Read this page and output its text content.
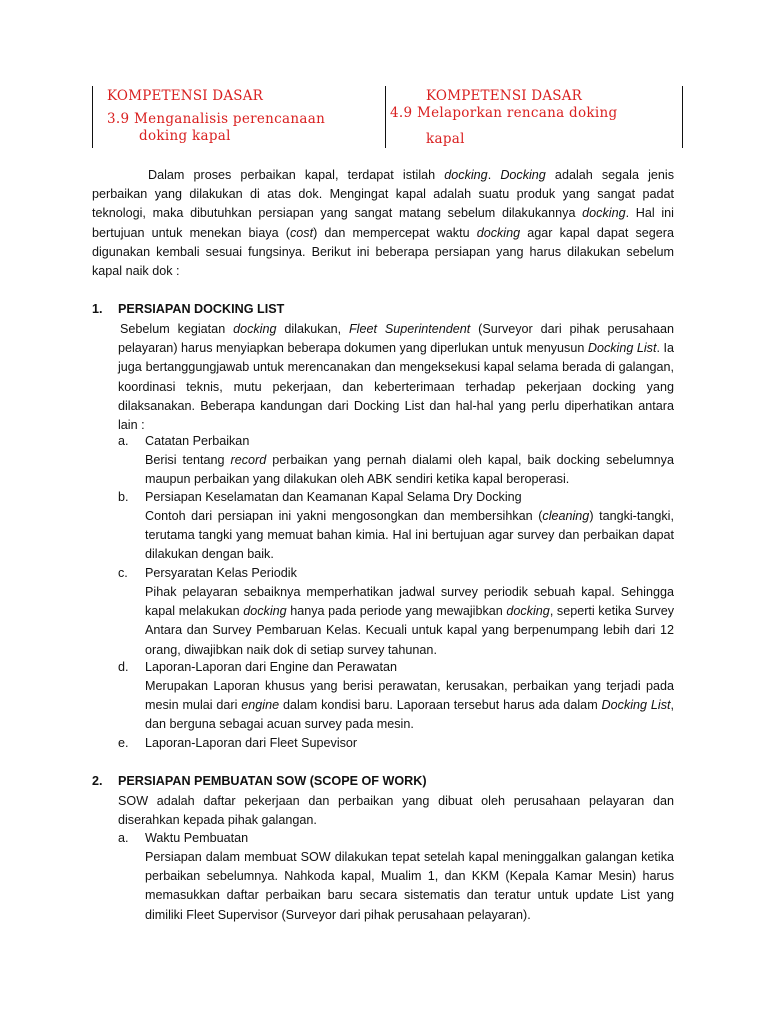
KOMPETENSI DASAR
3.9 Menganalisis perencanaan
doking kapal
KOMPETENSI DASAR
4.9 Melaporkan rencana doking
kapal
Dalam proses perbaikan kapal, terdapat istilah docking. Docking adalah segala jenis perbaikan yang dilakukan di atas dok. Mengingat kapal adalah suatu produk yang sangat padat teknologi, maka dibutuhkan persiapan yang sangat matang sebelum dilakukannya docking. Hal ini bertujuan untuk menekan biaya (cost) dan mempercepat waktu docking agar kapal dapat segera digunakan kembali sesuai fungsinya. Berikut ini beberapa persiapan yang harus dilakukan sebelum kapal naik dok :
1. PERSIAPAN DOCKING LIST
Sebelum kegiatan docking dilakukan, Fleet Superintendent (Surveyor dari pihak perusahaan pelayaran) harus menyiapkan beberapa dokumen yang diperlukan untuk menyusun Docking List. Ia juga bertanggungjawab untuk merencanakan dan mengeksekusi kapal selama berada di galangan, koordinasi teknis, mutu pekerjaan, dan keberterimaan terhadap pekerjaan docking yang dilaksanakan. Beberapa kandungan dari Docking List dan hal-hal yang perlu diperhatikan antara lain :
a. Catatan Perbaikan
Berisi tentang record perbaikan yang pernah dialami oleh kapal, baik docking sebelumnya maupun perbaikan yang dilakukan oleh ABK sendiri ketika kapal beroperasi.
b. Persiapan Keselamatan dan Keamanan Kapal Selama Dry Docking
Contoh dari persiapan ini yakni mengosongkan dan membersihkan (cleaning) tangki-tangki, terutama tangki yang memuat bahan kimia. Hal ini bertujuan agar survey dan perbaikan dapat dilakukan dengan baik.
c. Persyaratan Kelas Periodik
Pihak pelayaran sebaiknya memperhatikan jadwal survey periodik sebuah kapal. Sehingga kapal melakukan docking hanya pada periode yang mewajibkan docking, seperti ketika Survey Antara dan Survey Pembaruan Kelas. Kecuali untuk kapal yang berpenumpang lebih dari 12 orang, diwajibkan naik dok di setiap survey tahunan.
d. Laporan-Laporan dari Engine dan Perawatan
Merupakan Laporan khusus yang berisi perawatan, kerusakan, perbaikan yang terjadi pada mesin mulai dari engine dalam kondisi baru. Laporaan tersebut harus ada dalam Docking List, dan berguna sebagai acuan survey pada mesin.
e. Laporan-Laporan dari Fleet Supevisor
2. PERSIAPAN PEMBUATAN SOW (SCOPE OF WORK)
SOW adalah daftar pekerjaan dan perbaikan yang dibuat oleh perusahaan pelayaran dan diserahkan kepada pihak galangan.
a. Waktu Pembuatan
Persiapan dalam membuat SOW dilakukan tepat setelah kapal meninggalkan galangan ketika perbaikan sebelumnya. Nahkoda kapal, Mualim 1, dan KKM (Kepala Kamar Mesin) harus memasukkan daftar perbaikan baru secara sistematis dan teratur untuk update List yang dimiliki Fleet Supervisor (Surveyor dari pihak perusahaan pelayaran).
